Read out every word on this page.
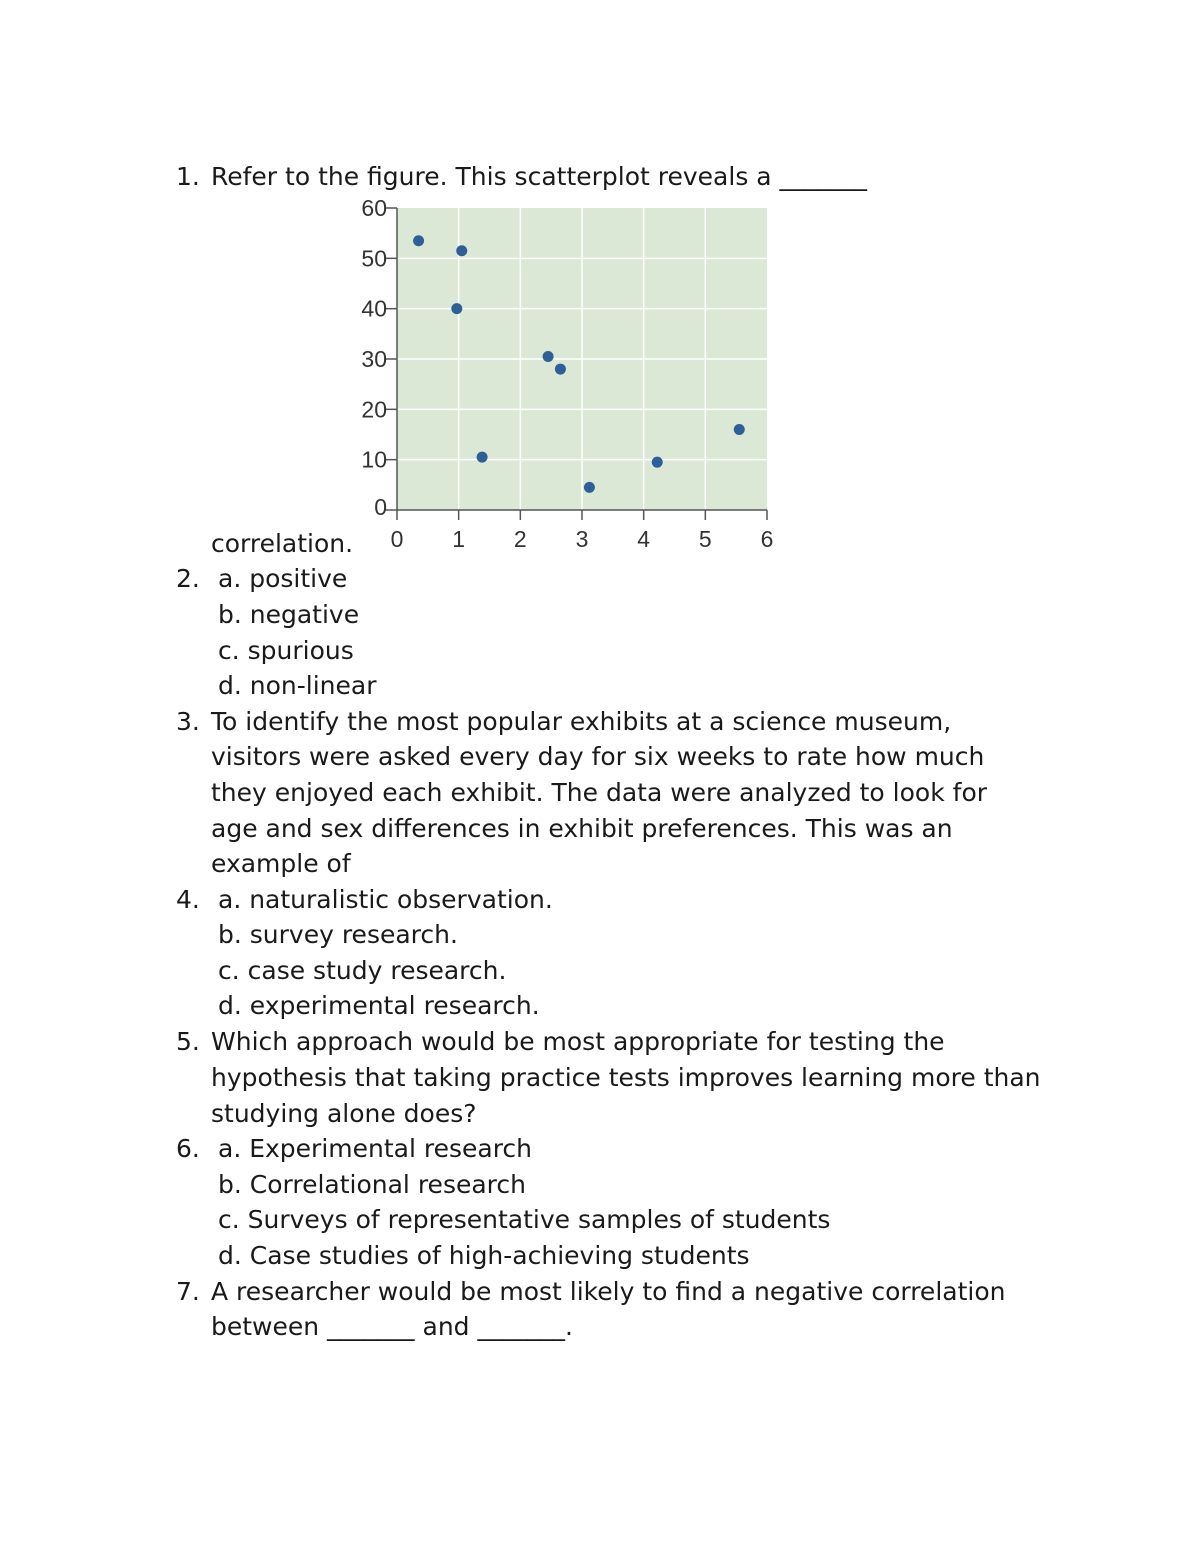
1. Refer to the figure. This scatterplot reveals a _______
0
10
20
30
40
50
60
0 1 2 3 4 5 6
correlation.
2. a. positive
b. negative
c. spurious
d. non-linear
3. To identify the most popular exhibits at a science museum,
visitors were asked every day for six weeks to rate how much
they enjoyed each exhibit. The data were analyzed to look for
age and sex differences in exhibit preferences. This was an
example of
4. a. naturalistic observation.
b. survey research.
c. case study research.
d. experimental research.
5. Which approach would be most appropriate for testing the
hypothesis that taking practice tests improves learning more than
studying alone does?
6. a. Experimental research
b. Correlational research
c. Surveys of representative samples of students
d. Case studies of high-achieving students
7. A researcher would be most likely to find a negative correlation
between _______ and _______.
